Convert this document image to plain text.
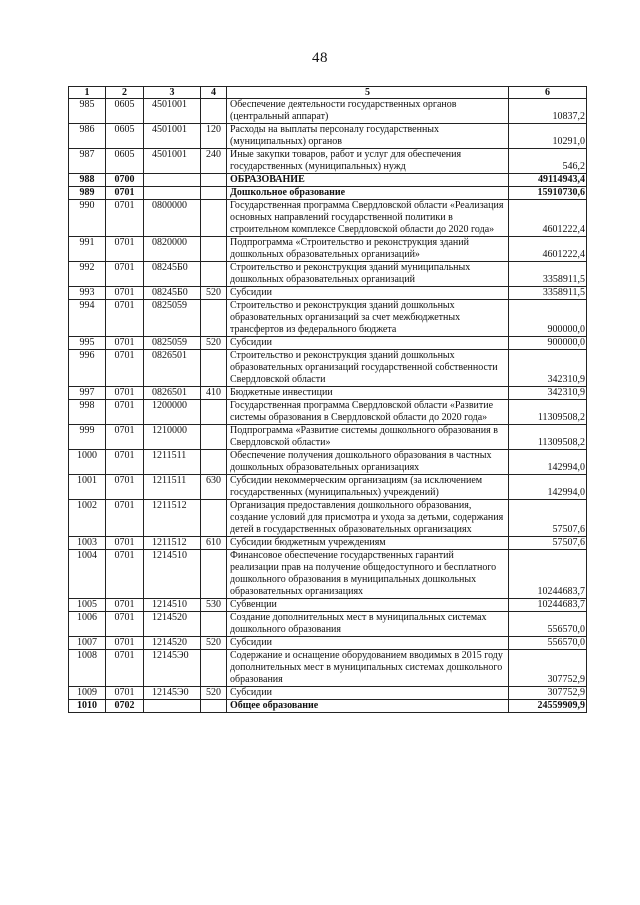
48
1	2	3	4	5	6
985	0605	4501001		Обеспечение деятельности государственных органов (центральный аппарат)	10837,2
986	0605	4501001	120	Расходы на выплаты персоналу государственных (муниципальных) органов	10291,0
987	0605	4501001	240	Иные закупки товаров, работ и услуг для обеспечения государственных (муниципальных) нужд	546,2
988	0700			ОБРАЗОВАНИЕ	49114943,4
989	0701			Дошкольное образование	15910730,6
990	0701	0800000		Государственная программа Свердловской области «Реализация основных направлений государственной политики в строительном комплексе Свердловской области до 2020 года»	4601222,4
991	0701	0820000		Подпрограмма «Строительство и реконструкция зданий дошкольных образовательных организаций»	4601222,4
992	0701	08245Б0		Строительство и реконструкция зданий муниципальных дошкольных образовательных организаций	3358911,5
993	0701	08245Б0	520	Субсидии	3358911,5
994	0701	0825059		Строительство и реконструкция зданий дошкольных образовательных организаций за счет межбюджетных трансфертов из федерального бюджета	900000,0
995	0701	0825059	520	Субсидии	900000,0
996	0701	0826501		Строительство и реконструкция зданий дошкольных образовательных организаций государственной собственности Свердловской области	342310,9
997	0701	0826501	410	Бюджетные инвестиции	342310,9
998	0701	1200000		Государственная программа Свердловской области «Развитие системы образования в Свердловской области до 2020 года»	11309508,2
999	0701	1210000		Подпрограмма «Развитие системы дошкольного образования в Свердловской области»	11309508,2
1000	0701	1211511		Обеспечение получения дошкольного образования в частных дошкольных образовательных организациях	142994,0
1001	0701	1211511	630	Субсидии некоммерческим организациям (за исключением государственных (муниципальных) учреждений)	142994,0
1002	0701	1211512		Организация предоставления дошкольного образования, создание условий для присмотра и ухода за детьми, содержания детей в государственных образовательных организациях	57507,6
1003	0701	1211512	610	Субсидии бюджетным учреждениям	57507,6
1004	0701	1214510		Финансовое обеспечение государственных гарантий реализации прав на получение общедоступного и бесплатного дошкольного образования в муниципальных дошкольных образовательных организациях	10244683,7
1005	0701	1214510	530	Субвенции	10244683,7
1006	0701	1214520		Создание дополнительных мест в муниципальных системах дошкольного образования	556570,0
1007	0701	1214520	520	Субсидии	556570,0
1008	0701	12145Э0		Содержание и оснащение оборудованием вводимых в 2015 году дополнительных мест в муниципальных системах дошкольного образования	307752,9
1009	0701	12145Э0	520	Субсидии	307752,9
1010	0702			Общее образование	24559909,9
